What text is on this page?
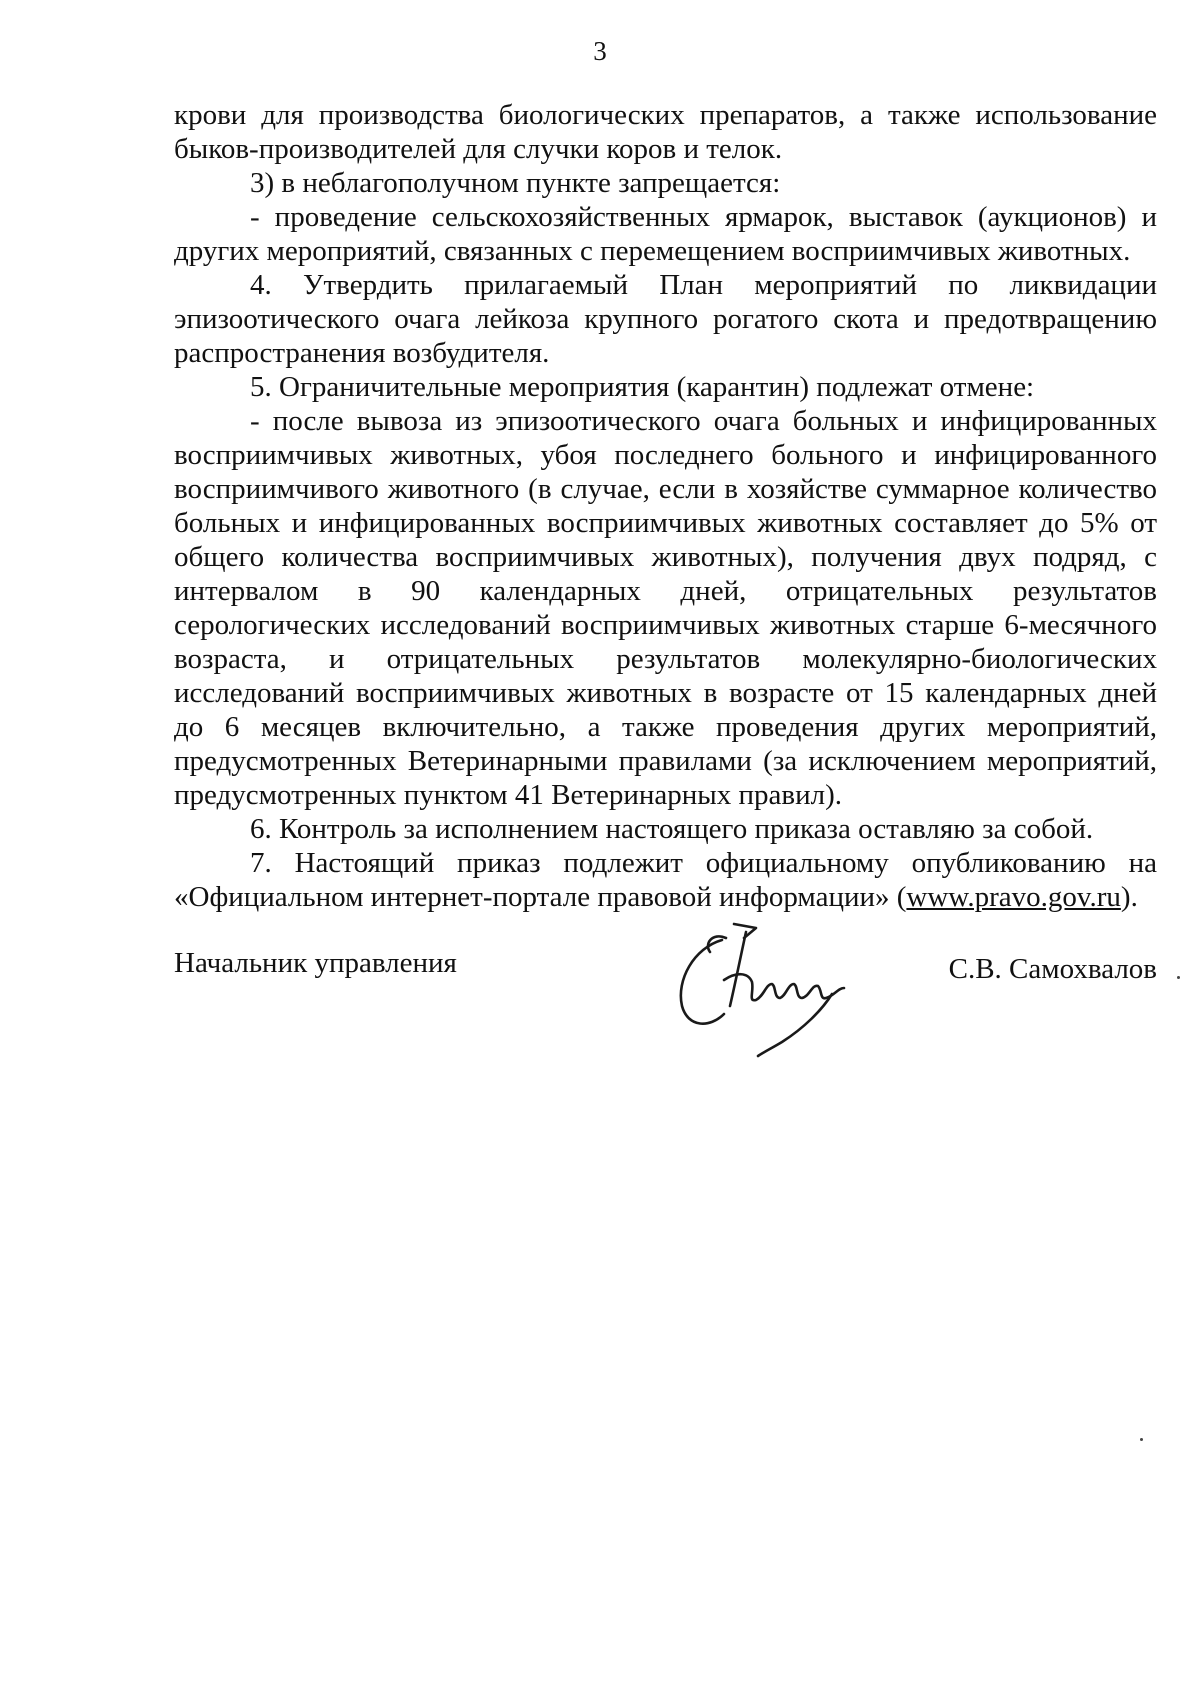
3

крови для производства биологических препаратов, а также использование

быков-производителей для случки коров и телок.

3) в неблагополучном пункте запрещается:

- проведение сельскохозяйственных ярмарок, выставок (аукционов) и других мероприятий, связанных с перемещением восприимчивых животных.

4. Утвердить прилагаемый План мероприятий по ликвидации эпизоотического очага лейкоза крупного рогатого скота и предотвращению распространения возбудителя.

5. Ограничительные мероприятия (карантин) подлежат отмене:

- после вывоза из эпизоотического очага больных и инфицированных восприимчивых животных, убоя последнего больного и инфицированного восприимчивого животного (в случае, если в хозяйстве суммарное количество больных и инфицированных восприимчивых животных составляет до 5% от общего количества восприимчивых животных), получения двух подряд, с интервалом в 90 календарных дней, отрицательных результатов серологических исследований восприимчивых животных старше 6-месячного возраста, и отрицательных результатов молекулярно-биологических исследований восприимчивых животных в возрасте от 15 календарных дней до 6 месяцев включительно, а также проведения других мероприятий, предусмотренных Ветеринарными правилами (за исключением мероприятий, предусмотренных пунктом 41 Ветеринарных правил).

6. Контроль за исполнением настоящего приказа оставляю за собой.

7. Настоящий приказ подлежит официальному опубликованию на «Официальном интернет-портале правовой информации» (www.pravo.gov.ru).

Начальник управления	С.В. Самохвалов
